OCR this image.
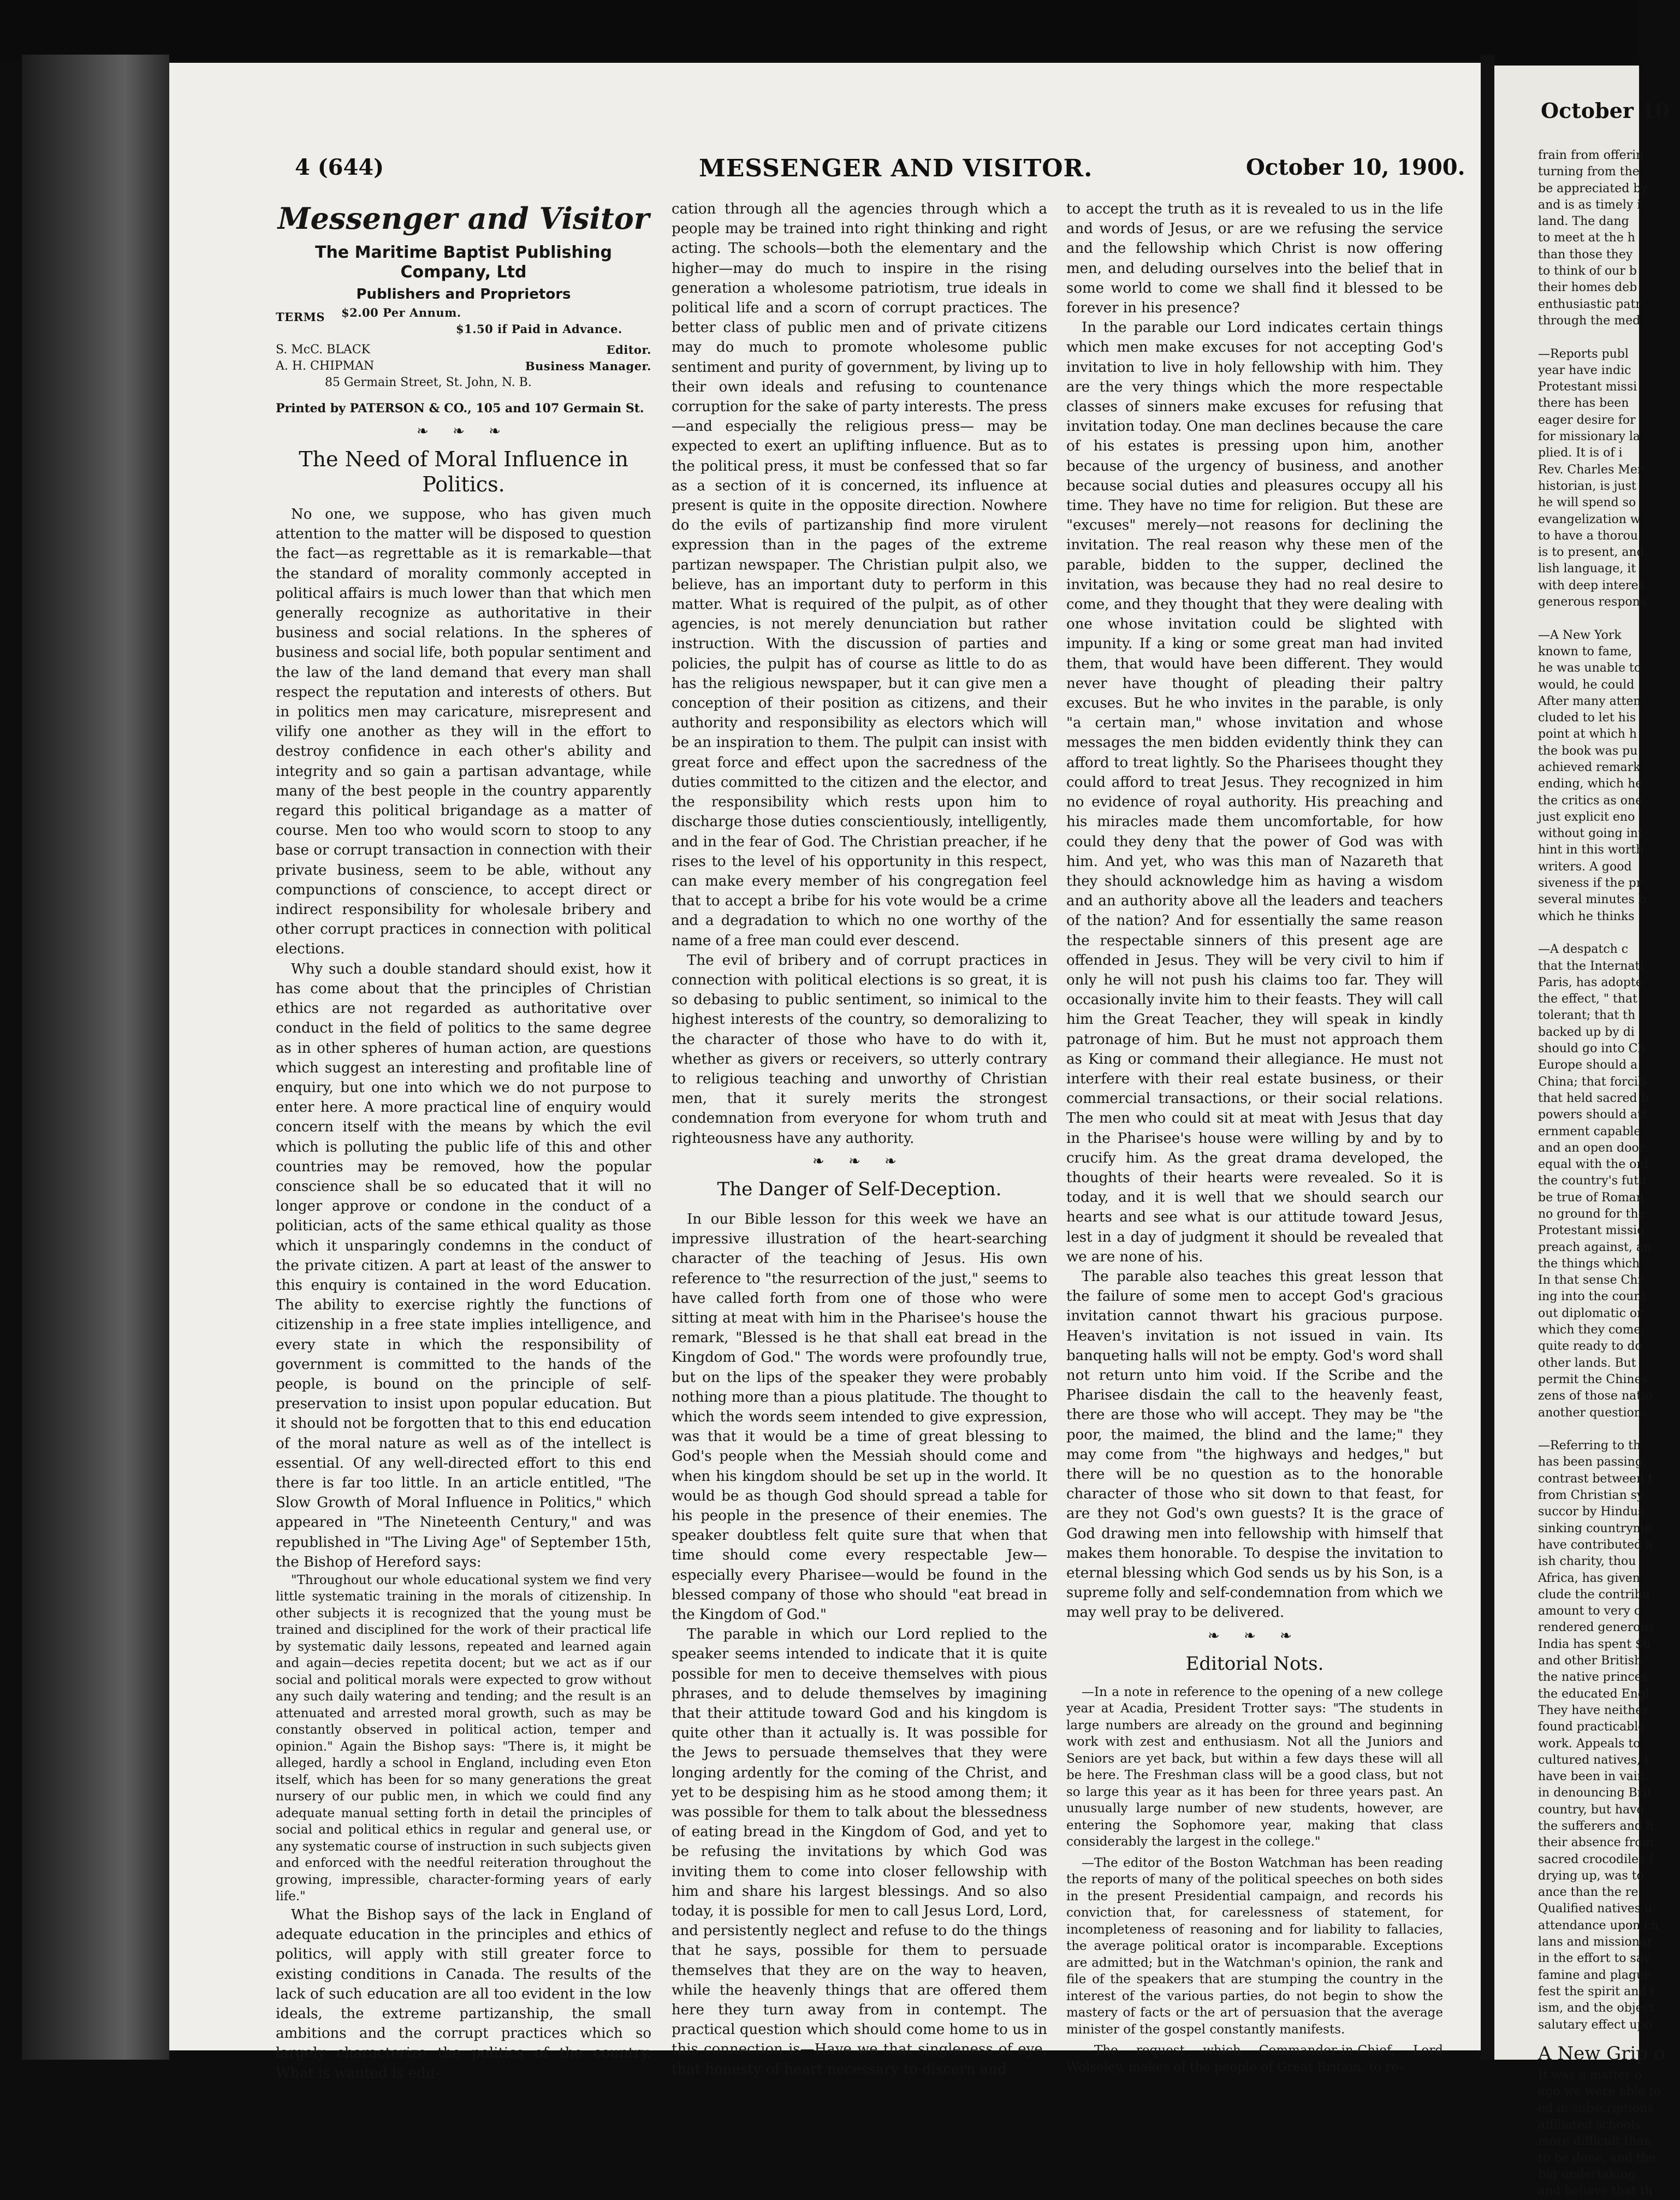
4 (644)	MESSENGER AND VISITOR.	October 10, 1900.
Messenger and Visitor
The Maritime Baptist Publishing Company, Ltd
Publishers and Proprietors
TERMS $2.00 Per Annum.
$1.50 if Paid in Advance.
S. McC. BLACK	Editor.
A. H. CHIPMAN	Business Manager.
85 Germain Street, St. John, N. B.
Printed by PATERSON & CO., 105 and 107 Germain St.
❧ ❧ ❧
The Need of Moral Influence in Politics.

No one, we suppose, who has given much attention to the matter will be disposed to question the fact—as regrettable as it is remarkable—that the standard of morality commonly accepted in political affairs is much lower than that which men generally recognize as authoritative in their business and social relations. In the spheres of business and social life, both popular sentiment and the law of the land demand that every man shall respect the reputation and interests of others. But in politics men may caricature, misrepresent and vilify one another as they will in the effort to destroy confidence in each other's ability and integrity and so gain a partisan advantage, while many of the best people in the country apparently regard this political brigandage as a matter of course. Men too who would scorn to stoop to any base or corrupt transaction in connection with their private business, seem to be able, without any compunctions of conscience, to accept direct or indirect responsibility for wholesale bribery and other corrupt practices in connection with political elections.

Why such a double standard should exist, how it has come about that the principles of Christian ethics are not regarded as authoritative over conduct in the field of politics to the same degree as in other spheres of human action, are questions which suggest an interesting and profitable line of enquiry, but one into which we do not purpose to enter here. A more practical line of enquiry would concern itself with the means by which the evil which is polluting the public life of this and other countries may be removed, how the popular conscience shall be so educated that it will no longer approve or condone in the conduct of a politician, acts of the same ethical quality as those which it unsparingly condemns in the conduct of the private citizen. A part at least of the answer to this enquiry is contained in the word Education. The ability to exercise rightly the functions of citizenship in a free state implies intelligence, and every state in which the responsibility of government is committed to the hands of the people, is bound on the principle of self-preservation to insist upon popular education. But it should not be forgotten that to this end education of the moral nature as well as of the intellect is essential. Of any well-directed effort to this end there is far too little. In an article entitled, "The Slow Growth of Moral Influence in Politics," which appeared in "The Nineteenth Century," and was republished in "The Living Age" of September 15th, the Bishop of Hereford says:

"Throughout our whole educational system we find very little systematic training in the morals of citizenship. In other subjects it is recognized that the young must be trained and disciplined for the work of their practical life by systematic daily lessons, repeated and learned again and again—decies repetita docent; but we act as if our social and political morals were expected to grow without any such daily watering and tending; and the result is an attenuated and arrested moral growth, such as may be constantly observed in political action, temper and opinion." Again the Bishop says: "There is, it might be alleged, hardly a school in England, including even Eton itself, which has been for so many generations the great nursery of our public men, in which we could find any adequate manual setting forth in detail the principles of social and political ethics in regular and general use, or any systematic course of instruction in such subjects given and enforced with the needful reiteration throughout the growing, impressible, character-forming years of early life."

What the Bishop says of the lack in England of adequate education in the principles and ethics of politics, will apply with still greater force to existing conditions in Canada. The results of the lack of such education are all too evident in the low ideals, the extreme partizanship, the small ambitions and the corrupt practices which so largely characterize the politics of the country. What is wanted is edu-

cation through all the agencies through which a people may be trained into right thinking and right acting. The schools—both the elementary and the higher—may do much to inspire in the rising generation a wholesome patriotism, true ideals in political life and a scorn of corrupt practices. The better class of public men and of private citizens may do much to promote wholesome public sentiment and purity of government, by living up to their own ideals and refusing to countenance corruption for the sake of party interests. The press—and especially the religious press— may be expected to exert an uplifting influence. But as to the political press, it must be confessed that so far as a section of it is concerned, its influence at present is quite in the opposite direction. Nowhere do the evils of partizanship find more virulent expression than in the pages of the extreme partizan newspaper. The Christian pulpit also, we believe, has an important duty to perform in this matter. What is required of the pulpit, as of other agencies, is not merely denunciation but rather instruction. With the discussion of parties and policies, the pulpit has of course as little to do as has the religious newspaper, but it can give men a conception of their position as citizens, and their authority and responsibility as electors which will be an inspiration to them. The pulpit can insist with great force and effect upon the sacredness of the duties committed to the citizen and the elector, and the responsibility which rests upon him to discharge those duties conscientiously, intelligently, and in the fear of God. The Christian preacher, if he rises to the level of his opportunity in this respect, can make every member of his congregation feel that to accept a bribe for his vote would be a crime and a degradation to which no one worthy of the name of a free man could ever descend.

The evil of bribery and of corrupt practices in connection with political elections is so great, it is so debasing to public sentiment, so inimical to the highest interests of the country, so demoralizing to the character of those who have to do with it, whether as givers or receivers, so utterly contrary to religious teaching and unworthy of Christian men, that it surely merits the strongest condemnation from everyone for whom truth and righteousness have any authority.

❧ ❧ ❧
The Danger of Self-Deception.

In our Bible lesson for this week we have an impressive illustration of the heart-searching character of the teaching of Jesus. His own reference to "the resurrection of the just," seems to have called forth from one of those who were sitting at meat with him in the Pharisee's house the remark, "Blessed is he that shall eat bread in the Kingdom of God." The words were profoundly true, but on the lips of the speaker they were probably nothing more than a pious platitude. The thought to which the words seem intended to give expression, was that it would be a time of great blessing to God's people when the Messiah should come and when his kingdom should be set up in the world. It would be as though God should spread a table for his people in the presence of their enemies. The speaker doubtless felt quite sure that when that time should come every respectable Jew—especially every Pharisee—would be found in the blessed company of those who should "eat bread in the Kingdom of God."

The parable in which our Lord replied to the speaker seems intended to indicate that it is quite possible for men to deceive themselves with pious phrases, and to delude themselves by imagining that their attitude toward God and his kingdom is quite other than it actually is. It was possible for the Jews to persuade themselves that they were longing ardently for the coming of the Christ, and yet to be despising him as he stood among them; it was possible for them to talk about the blessedness of eating bread in the Kingdom of God, and yet to be refusing the invitations by which God was inviting them to come into closer fellowship with him and share his largest blessings. And so also today, it is possible for men to call Jesus Lord, Lord, and persistently neglect and refuse to do the things that he says, possible for them to persuade themselves that they are on the way to heaven, while the heavenly things that are offered them here they turn away from in contempt. The practical question which should come home to us in this connection is—Have we that singleness of eye, that honesty of heart necessary to discern and

to accept the truth as it is revealed to us in the life and words of Jesus, or are we refusing the service and the fellowship which Christ is now offering men, and deluding ourselves into the belief that in some world to come we shall find it blessed to be forever in his presence?

In the parable our Lord indicates certain things which men make excuses for not accepting God's invitation to live in holy fellowship with him. They are the very things which the more respectable classes of sinners make excuses for refusing that invitation today. One man declines because the care of his estates is pressing upon him, another because of the urgency of business, and another because social duties and pleasures occupy all his time. They have no time for religion. But these are "excuses" merely—not reasons for declining the invitation. The real reason why these men of the parable, bidden to the supper, declined the invitation, was because they had no real desire to come, and they thought that they were dealing with one whose invitation could be slighted with impunity. If a king or some great man had invited them, that would have been different. They would never have thought of pleading their paltry excuses. But he who invites in the parable, is only "a certain man," whose invitation and whose messages the men bidden evidently think they can afford to treat lightly. So the Pharisees thought they could afford to treat Jesus. They recognized in him no evidence of royal authority. His preaching and his miracles made them uncomfortable, for how could they deny that the power of God was with him. And yet, who was this man of Nazareth that they should acknowledge him as having a wisdom and an authority above all the leaders and teachers of the nation? And for essentially the same reason the respectable sinners of this present age are offended in Jesus. They will be very civil to him if only he will not push his claims too far. They will occasionally invite him to their feasts. They will call him the Great Teacher, they will speak in kindly patronage of him. But he must not approach them as King or command their allegiance. He must not interfere with their real estate business, or their commercial transactions, or their social relations. The men who could sit at meat with Jesus that day in the Pharisee's house were willing by and by to crucify him. As the great drama developed, the thoughts of their hearts were revealed. So it is today, and it is well that we should search our hearts and see what is our attitude toward Jesus, lest in a day of judgment it should be revealed that we are none of his.

The parable also teaches this great lesson that the failure of some men to accept God's gracious invitation cannot thwart his gracious purpose. Heaven's invitation is not issued in vain. Its banqueting halls will not be empty. God's word shall not return unto him void. If the Scribe and the Pharisee disdain the call to the heavenly feast, there are those who will accept. They may be "the poor, the maimed, the blind and the lame;" they may come from "the highways and hedges," but there will be no question as to the honorable character of those who sit down to that feast, for are they not God's own guests? It is the grace of God drawing men into fellowship with himself that makes them honorable. To despise the invitation to eternal blessing which God sends us by his Son, is a supreme folly and self-condemnation from which we may well pray to be delivered.

❧ ❧ ❧
Editorial Nots.

—In a note in reference to the opening of a new college year at Acadia, President Trotter says: "The students in large numbers are already on the ground and beginning work with zest and enthusiasm. Not all the Juniors and Seniors are yet back, but within a few days these will all be here. The Freshman class will be a good class, but not so large this year as it has been for three years past. An unusually large number of new students, however, are entering the Sophomore year, making that class considerably the largest in the college."

—The editor of the Boston Watchman has been reading the reports of many of the political speeches on both sides in the present Presidential campaign, and records his conviction that, for carelessness of statement, for incompleteness of reasoning and for liability to fallacies, the average political orator is incomparable. Exceptions are admitted; but in the Watchman's opinion, the rank and file of the speakers that are stumping the country in the interest of the various parties, do not begin to show the mastery of facts or the art of persuasion that the average minister of the gospel constantly manifests.

—The request which Commander-in-Chief, Lord Wolseley, makes of the people of Great Britain, to re-

October 10
frain from offerin
turning from the
be appreciated by
and is as timely i
land. The dang
to meet at the h
than those they
to think of our b
their homes deb
enthusiastic patr
through the med

—Reports publ
year have indic
Protestant missi
there has been
eager desire for
for missionary la
plied. It is of i
Rev. Charles Mer
historian, is just
he will spend so
evangelization w
to have a thorou
is to present, and
lish language, it
with deep interes
generous respons

—A New York
known to fame,
he was unable to
would, he could
After many atten
cluded to let his
point at which h
the book was pu
achieved remark
ending, which he
the critics as one
just explicit eno
without going int
hint in this worth
writers. A good
siveness if the pr
several minutes b
which he thinks

—A despatch c
that the Internati
Paris, has adopte
the effect, " that
tolerant; that th
backed up by di
should go into Ch
Europe should a
China; that forcib
that held sacred b
powers should att
ernment capable
and an open door
equal with the onl
the country's futu
be true of Roman
no ground for the
Protestant missio
preach against, an
the things which
In that sense Chr
ing into the count
out diplomatic or
which they come,
quite ready to do
other lands. But
permit the Chines
zens of those natio
another question.

—Referring to th
has been passing,
contrast between t
from Christian sy
succor by Hindus
sinking countryme
have contributed a
ish charity, thou
Africa, has given
clude the contribu
amount to very c
rendered generous
India has spent $6
and other British
the native princes
the educated Engl
They have neither
found practicable
work. Appeals to
cultured natives, t
have been in vain.
in denouncing Brit
country, but have
the sufferers and h
their absence from
sacred crocodiles f
drying up, was to
ance than the re
Qualified natives u
attendance upon ch
lans and missionar
in the effort to sav
famine and plague
fest the spirit and t
ism, and the object
salutary effect upo
A New Grip o
It was a matter o
ago we were able to
ed in subscriptions
affiliated schools.
more difficult than
to be done, and the
big undertaking.
and believe that th
